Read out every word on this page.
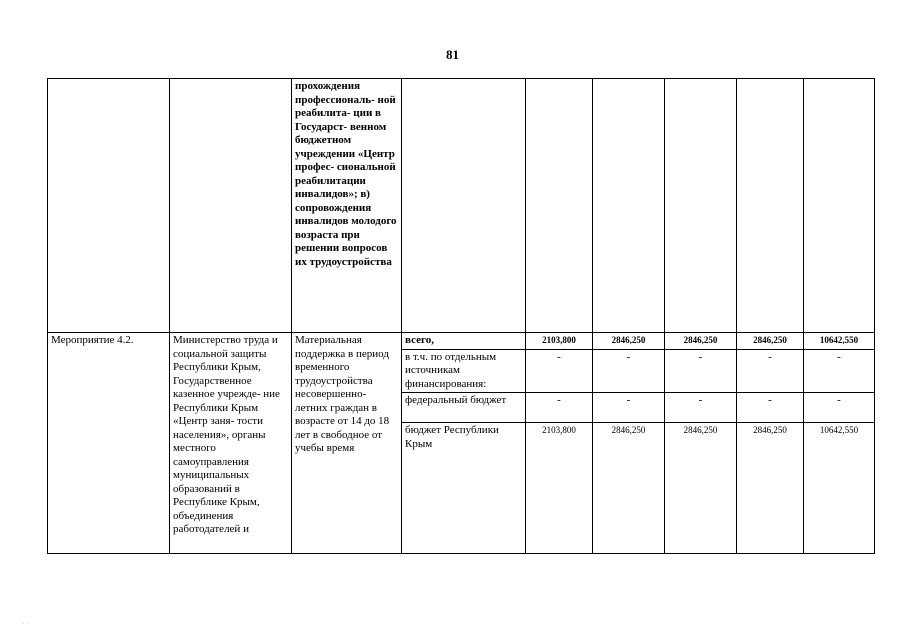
81
		прохождения профессиональ- ной реабилита- ции в Государст- венном бюджетном учреждении «Центр профес- сиональной реабилитации инвалидов»; в) сопровождения инвалидов молодого возраста при решении вопросов их трудоустройства						
Мероприятие 4.2.	Министерство труда и социальной защиты Республики Крым, Государственное казенное учрежде- ние Республики Крым «Центр заня- тости населения», органы местного самоуправления муниципальных образований в Республике Крым, объединения работодателей и	Материальная поддержка в период временного трудоустройства несовершенно- летних граждан в возрасте от 14 до 18 лет в свободное от учебы время	всего,	2103,800	2846,250	2846,250	2846,250	10642,550
			в т.ч. по отдельным источникам финансирования:	-	-	-	-	-
			федеральный бюджет	-	-	-	-	-
			бюджет Республики Крым	2103,800	2846,250	2846,250	2846,250	10642,550
· ·
